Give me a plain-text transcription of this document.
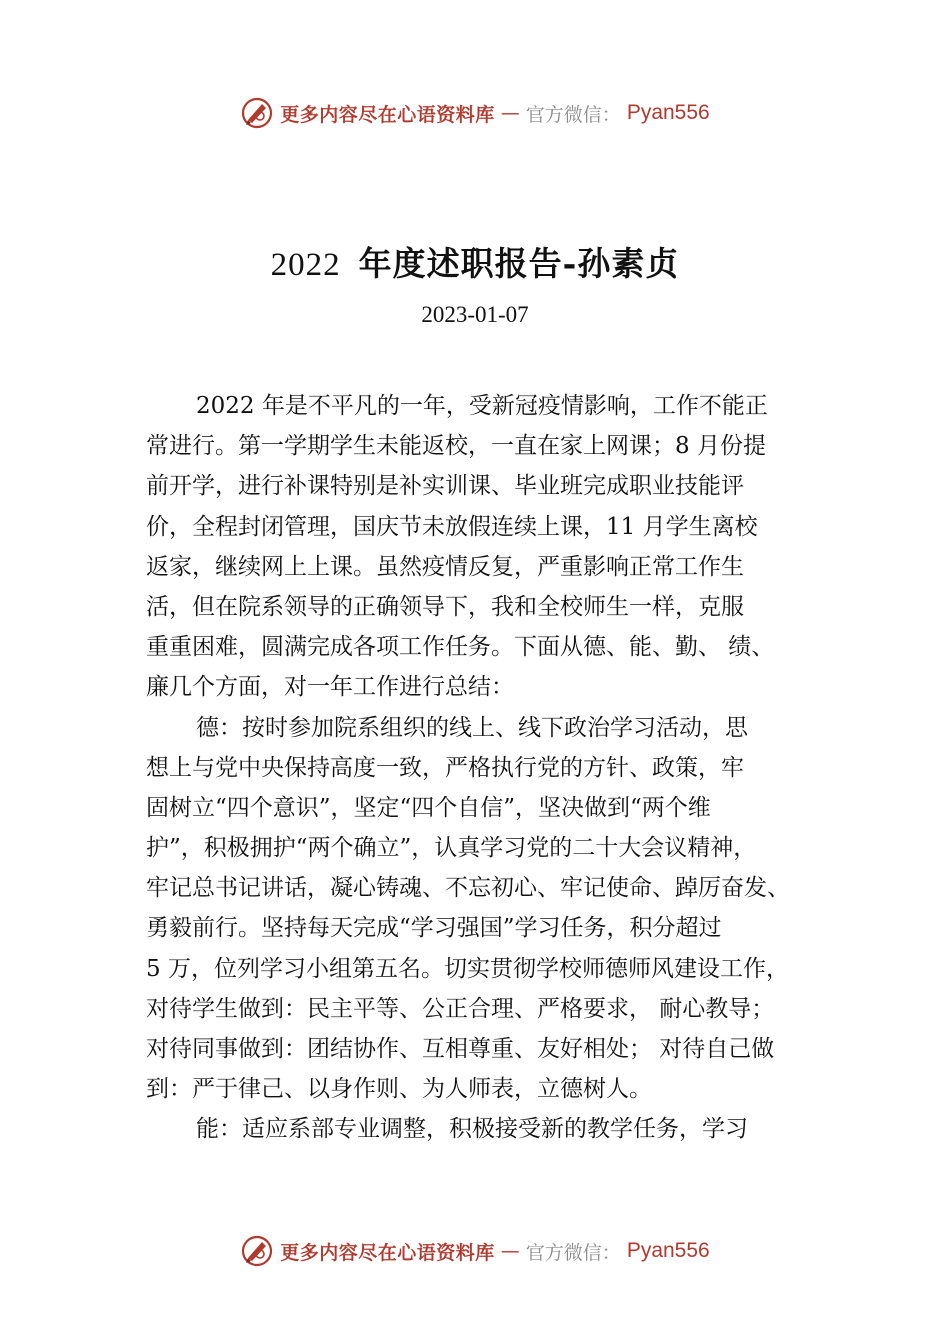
更多内容尽在心语资料库 — 官方微信： Pyan556
2022 年度述职报告-孙素贞
2023-01-07
2022 年是不平凡的一年，受新冠疫情影响，工作不能正
常进行。第一学期学生未能返校，一直在家上网课；8 月份提
前开学，进行补课特别是补实训课、毕业班完成职业技能评
价，全程封闭管理，国庆节未放假连续上课，11 月学生离校
返家，继续网上上课。虽然疫情反复，严重影响正常工作生
活，但在院系领导的正确领导下，我和全校师生一样，克服
重重困难，圆满完成各项工作任务。下面从德、能、勤、 绩、
廉几个方面，对一年工作进行总结：
德：按时参加院系组织的线上、线下政治学习活动，思
想上与党中央保持高度一致，严格执行党的方针、政策，牢
固树立“四个意识”，坚定“四个自信”，坚决做到“两个维
护”，积极拥护“两个确立”，认真学习党的二十大会议精神，
牢记总书记讲话，凝心铸魂、不忘初心、牢记使命、踔厉奋发、
勇毅前行。坚持每天完成“学习强国”学习任务，积分超过
5 万，位列学习小组第五名。切实贯彻学校师德师风建设工作，
对待学生做到：民主平等、公正合理、严格要求， 耐心教导；
对待同事做到：团结协作、互相尊重、友好相处； 对待自己做
到：严于律己、以身作则、为人师表，立德树人。
能：适应系部专业调整，积极接受新的教学任务，学习
更多内容尽在心语资料库 — 官方微信： Pyan556
